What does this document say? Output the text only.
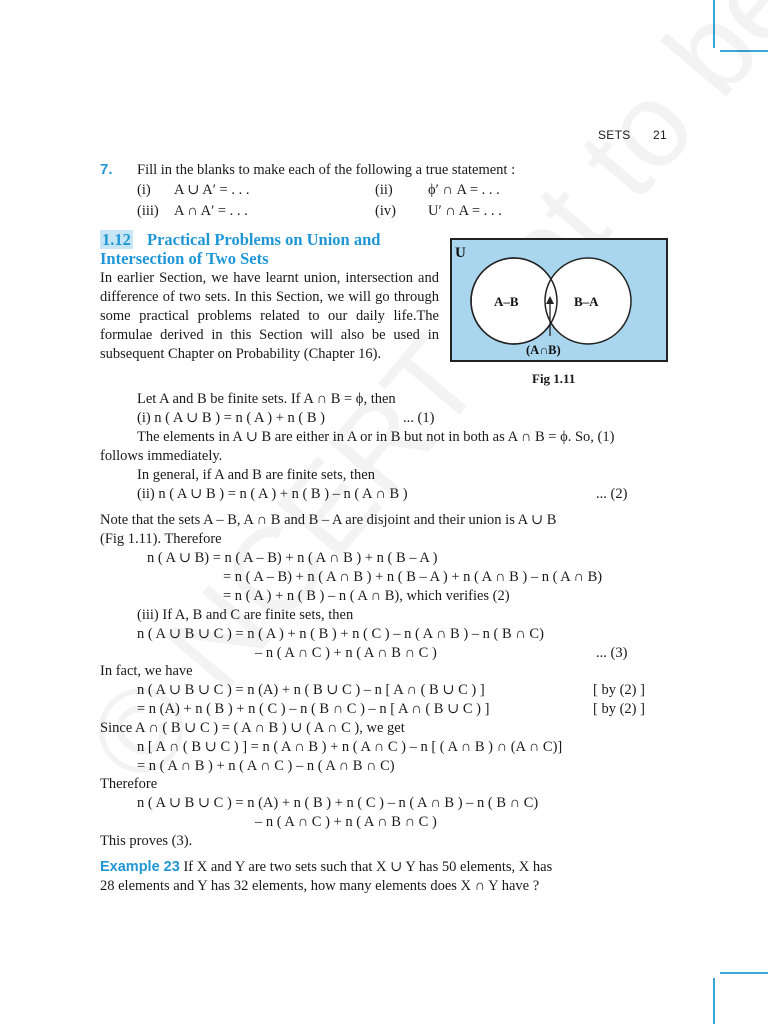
SETS 21
7. Fill in the blanks to make each of the following a true statement :
(i) A ∪ A′ = . . .	(ii) ϕ′ ∩ A = . . .
(iii) A ∩ A′ = . . .	(iv) U′ ∩ A = . . .
1.12 Practical Problems on Union and
Intersection of Two Sets
In earlier Section, we have learnt union, intersection and difference of two sets. In this Section, we will go through some practical problems related to our daily life.The formulae derived in this Section will also be used in subsequent Chapter on Probability (Chapter 16).
U
A–B	B–A
(A∩B)
Fig 1.11
Let A and B be finite sets. If A ∩ B = ϕ, then
(i) n ( A ∪ B ) = n ( A ) + n ( B )	... (1)
The elements in A ∪ B are either in A or in B but not in both as A ∩ B = ϕ. So, (1)
follows immediately.
In general, if A and B are finite sets, then
(ii) n ( A ∪ B ) = n ( A ) + n ( B ) – n ( A ∩ B )	... (2)
Note that the sets A – B, A ∩ B and B – A are disjoint and their union is A ∪ B
(Fig 1.11). Therefore
n ( A ∪ B) = n ( A – B) + n ( A ∩ B ) + n ( B – A )
= n ( A – B) + n ( A ∩ B ) + n ( B – A ) + n ( A ∩ B ) – n ( A ∩ B)
= n ( A ) + n ( B ) – n ( A ∩ B), which verifies (2)
(iii) If A, B and C are finite sets, then
n ( A ∪ B ∪ C ) = n ( A ) + n ( B ) + n ( C ) – n ( A ∩ B ) – n ( B ∩ C)
– n ( A ∩ C ) + n ( A ∩ B ∩ C )	... (3)
In fact, we have
n ( A ∪ B ∪ C ) = n (A) + n ( B ∪ C ) – n [ A ∩ ( B ∪ C ) ]	[ by (2) ]
= n (A) + n ( B ) + n ( C ) – n ( B ∩ C ) – n [ A ∩ ( B ∪ C ) ]	[ by (2) ]
Since A ∩ ( B ∪ C ) = ( A ∩ B ) ∪ ( A ∩ C ), we get
n [ A ∩ ( B ∪ C ) ] = n ( A ∩ B ) + n ( A ∩ C ) – n [ ( A ∩ B ) ∩ (A ∩ C)]
= n ( A ∩ B ) + n ( A ∩ C ) – n ( A ∩ B ∩ C)
Therefore
n ( A ∪ B ∪ C ) = n (A) + n ( B ) + n ( C ) – n ( A ∩ B ) – n ( B ∩ C)
– n ( A ∩ C ) + n ( A ∩ B ∩ C )
This proves (3).
Example 23 If X and Y are two sets such that X ∪ Y has 50 elements, X has
28 elements and Y has 32 elements, how many elements does X ∩ Y have ?
